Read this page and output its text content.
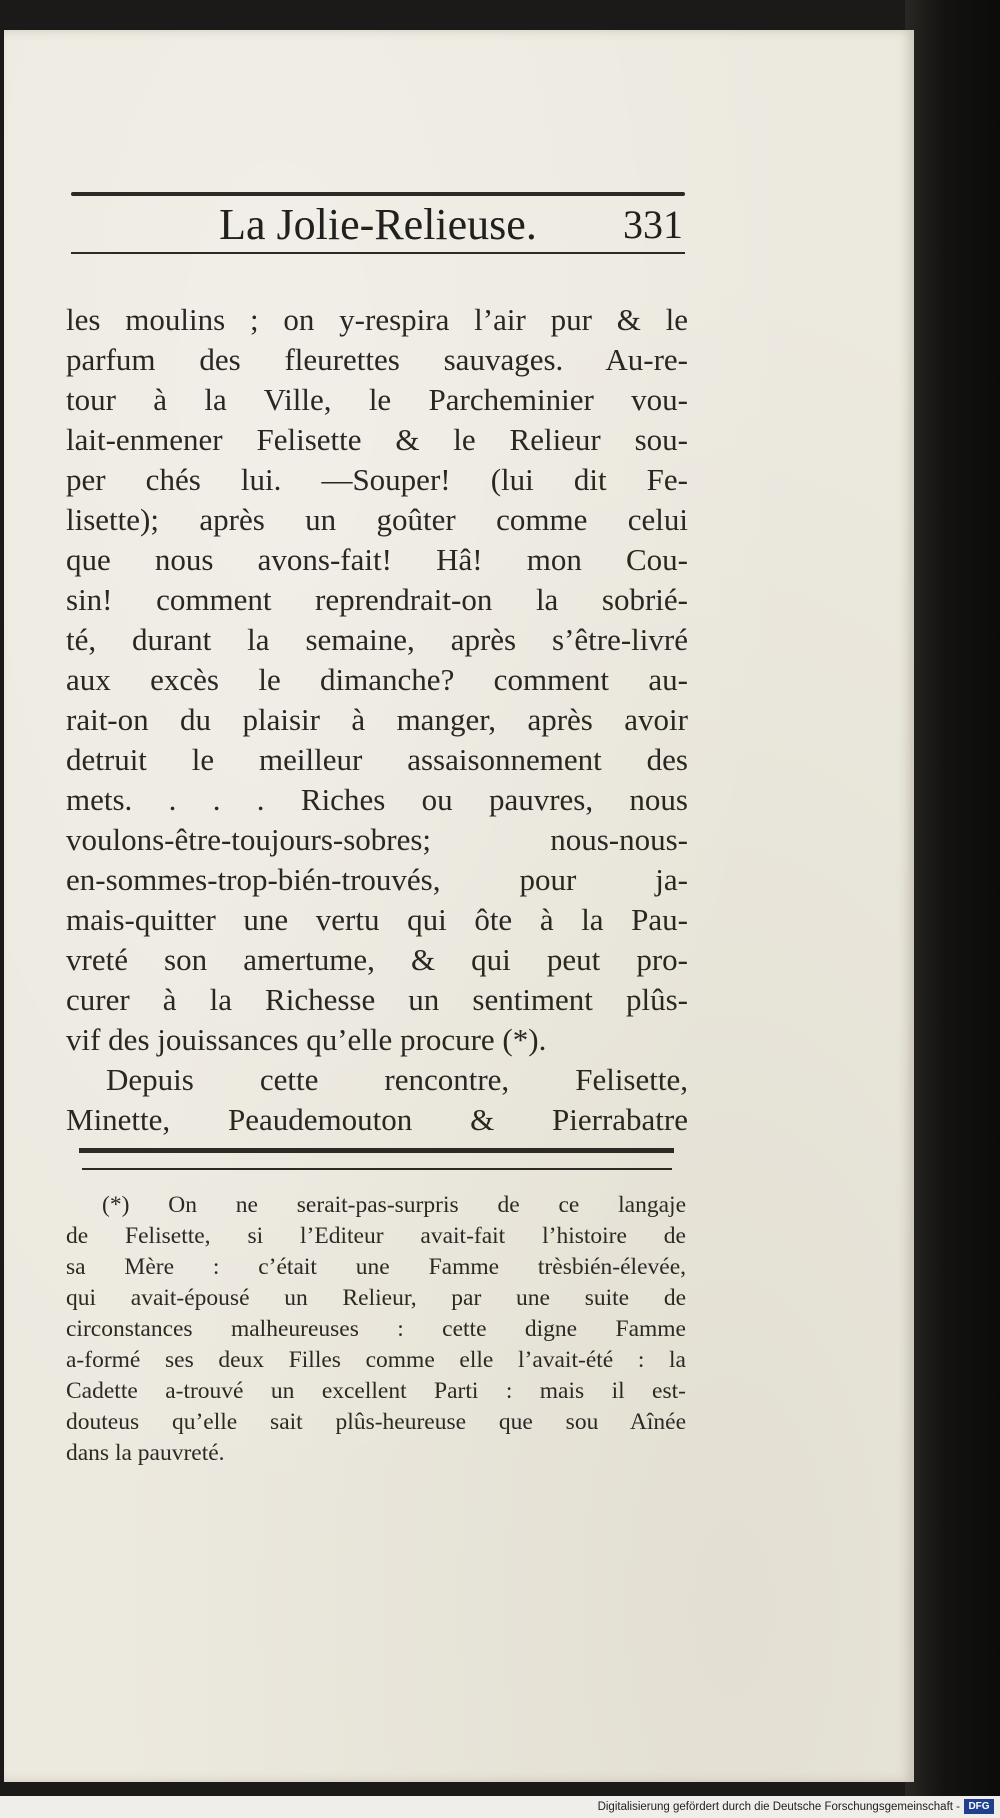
La Jolie-Relieuse.	331
les moulins ; on y-respira l’air pur & le
parfum des fleurettes sauvages. Au-re-
tour à la Ville, le Parcheminier vou-
lait-enmener Felisette & le Relieur sou-
per chés lui. —Souper! (lui dit Fe-
lisette); après un goûter comme celui
que nous avons-fait! Hâ! mon Cou-
sin! comment reprendrait-on la sobrié-
té, durant la semaine, après s’être-livré
aux excès le dimanche? comment au-
rait-on du plaisir à manger, après avoir
detruit le meilleur assaisonnement des
mets. . . . Riches ou pauvres, nous
voulons-être-toujours-sobres; nous-nous-
en-sommes-trop-bién-trouvés, pour ja-
mais-quitter une vertu qui ôte à la Pau-
vreté son amertume, & qui peut pro-
curer à la Richesse un sentiment plûs-
vif des jouissances qu’elle procure (*).
Depuis cette rencontre, Felisette,
Minette, Peaudemouton & Pierrabatre
(*) On ne serait-pas-surpris de ce langaje
de Felisette, si l’Editeur avait-fait l’histoire de
sa Mère : c’était une Famme trèsbién-élevée,
qui avait-épousé un Relieur, par une suite de
circonstances malheureuses : cette digne Famme
a-formé ses deux Filles comme elle l’avait-été : la
Cadette a-trouvé un excellent Parti : mais il est-
douteus qu’elle sait plûs-heureuse que sou Aînée
dans la pauvreté.
Digitalisierung gefördert durch die Deutsche Forschungsgemeinschaft - DFG
